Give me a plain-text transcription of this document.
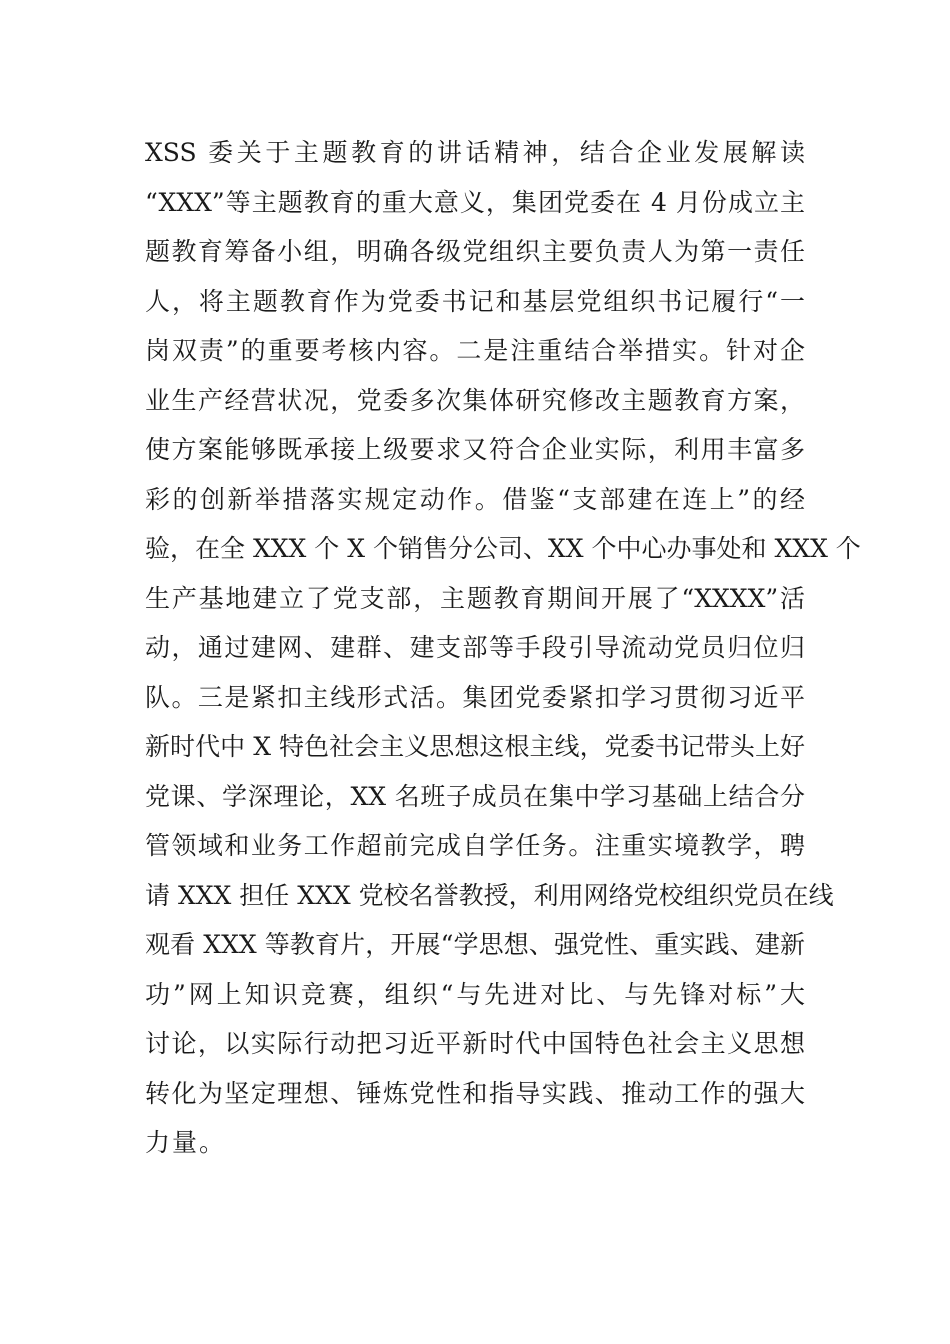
XSS 委关于主题教育的讲话精神，结合企业发展解读
“XXX”等主题教育的重大意义，集团党委在 4 月份成立主
题教育筹备小组，明确各级党组织主要负责人为第一责任
人，将主题教育作为党委书记和基层党组织书记履行“一
岗双责”的重要考核内容。二是注重结合举措实。针对企
业生产经营状况，党委多次集体研究修改主题教育方案，
使方案能够既承接上级要求又符合企业实际，利用丰富多
彩的创新举措落实规定动作。借鉴“支部建在连上”的经
验，在全 XXX 个 X 个销售分公司、XX 个中心办事处和 XXX 个
生产基地建立了党支部，主题教育期间开展了“XXXX”活
动，通过建网、建群、建支部等手段引导流动党员归位归
队。三是紧扣主线形式活。集团党委紧扣学习贯彻习近平
新时代中 X 特色社会主义思想这根主线，党委书记带头上好
党课、学深理论，XX 名班子成员在集中学习基础上结合分
管领域和业务工作超前完成自学任务。注重实境教学，聘
请 XXX 担任 XXX 党校名誉教授，利用网络党校组织党员在线
观看 XXX 等教育片，开展“学思想、强党性、重实践、建新
功”网上知识竞赛，组织“与先进对比、与先锋对标”大
讨论，以实际行动把习近平新时代中国特色社会主义思想
转化为坚定理想、锤炼党性和指导实践、推动工作的强大
力量。
